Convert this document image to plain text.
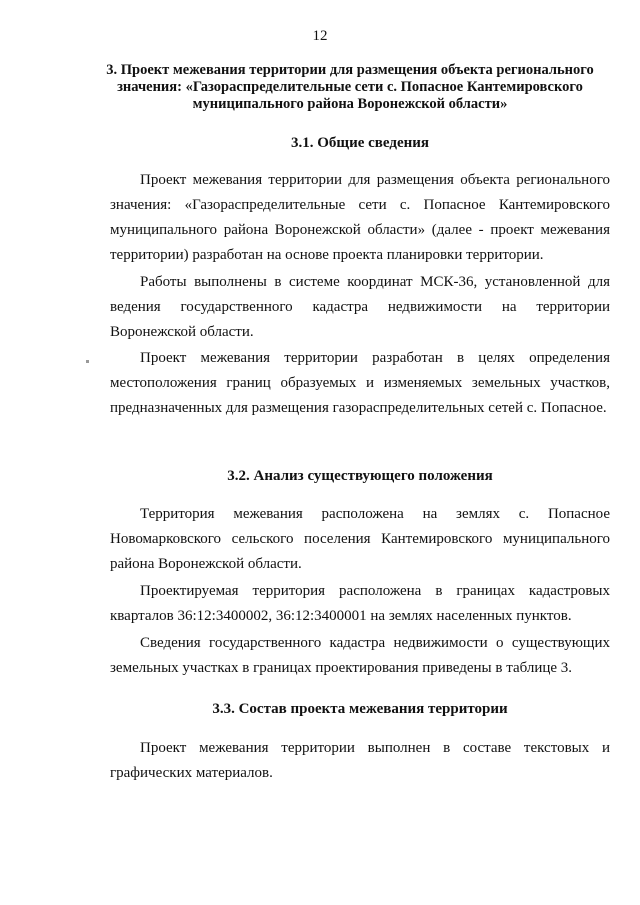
12
3. Проект межевания территории для размещения объекта регионального значения: «Газораспределительные сети с. Попасное Кантемировского муниципального района Воронежской области»
3.1. Общие сведения

Проект межевания территории для размещения объекта регионального значения: «Газораспределительные сети с. Попасное Кантемировского муниципального района Воронежской области» (далее - проект межевания территории) разработан на основе проекта планировки территории.

Работы выполнены в системе координат МСК-36, установленной для ведения государственного кадастра недвижимости на территории Воронежской области.

Проект межевания территории разработан в целях определения местоположения границ образуемых и изменяемых земельных участков, предназначенных для размещения газораспределительных сетей с. Попасное.

3.2. Анализ существующего положения

Территория межевания расположена на землях с. Попасное Новомарковского сельского поселения Кантемировского муниципального района Воронежской области.

Проектируемая территория расположена в границах кадастровых кварталов 36:12:3400002, 36:12:3400001 на землях населенных пунктов.

Сведения государственного кадастра недвижимости о существующих земельных участках в границах проектирования приведены в таблице 3.

3.3. Состав проекта межевания территории

Проект межевания территории выполнен в составе текстовых и графических материалов.
